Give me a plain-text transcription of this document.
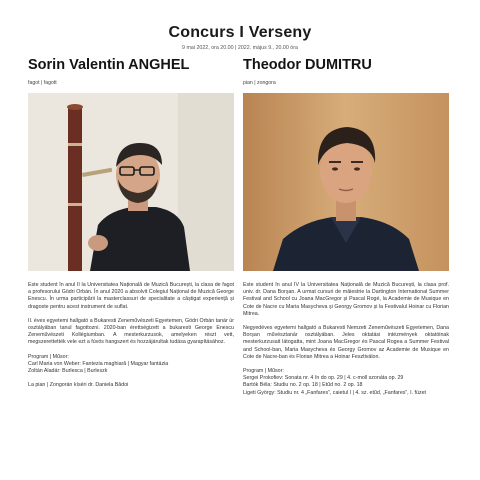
Concurs I Verseny
9 mai 2022, ora 20.00 | 2022. május 9., 20.00 óra
Sorin Valentin ANGHEL
fagot | fagott
Theodor DUMITRU
pian | zongora

Este student în anul II la Universitatea Națională de Muzică București, la clasa de fagot a profesorului Gödri Orbán. În anul 2020 a absolvit Colegiul Național de Muzică George Enescu. În urma participării la masterclassuri de specialitate a câștigat experiență și dragoste pentru acest instrument de suflat.

II. éves egyetemi hallgató a Bukaresti Zeneművészeti Egyetemen, Gödri Orbán tanár úr osztályában tanul fagottozni. 2020-ban érettségizett a bukaresti George Enescu Zeneművészeti Kollégiumban. A mesterkurzusok, amelyeken részt vett, megszerettették vele ezt a fúvós hangszert és hozzájárultak tudása gyarapításához.

Program | Műsor:
Carl Maria von Weber: Fantezia maghiară | Magyar fantázia
Zoltán Aladár: Burlesca | Burleszk

La pian | Zongorán kíséri dr. Daniela Bădoi

Este student în anul IV la Universitatea Națională de Muzică București, la clasa prof. univ. dr. Dana Borșan. A urmat cursuri de măiestrie la Dartington International Summer Festival and School cu Joana MacGregor și Pascal Rogé, la Academie de Musique en Cote de Nacre cu Maria Masycheva și Georgy Gromov și la Festivalul Hoinar cu Florian Mitrea.

Negyedéves egyetemi hallgató a Bukaresti Nemzeti Zeneművészeti Egyetemen, Dana Borșan művésztanár osztályában. Jeles oktatási intézmények oktatóinak mesterkurzusait látogatta, mint Joana MacGregor és Pascal Rogea a Summer Festival and School-ban, Maria Masycheva és Georgy Gromov az Academie de Musique en Cote de Nacre-ban és Florian Mitrea a Hoinar Fesztiválon.

Program | Műsor:
Sergei Prokofiev: Sonata nr. 4 în do op. 29 | 4. c-moll szonáta op. 29
Bartók Béla: Studiu no. 2 op. 18 | Etűd no. 2 op. 18
Ligeti György: Studiu nr. 4 „Fanfares”, caietul I | 4. sz. etűd, „Fanfares”, I. füzet
